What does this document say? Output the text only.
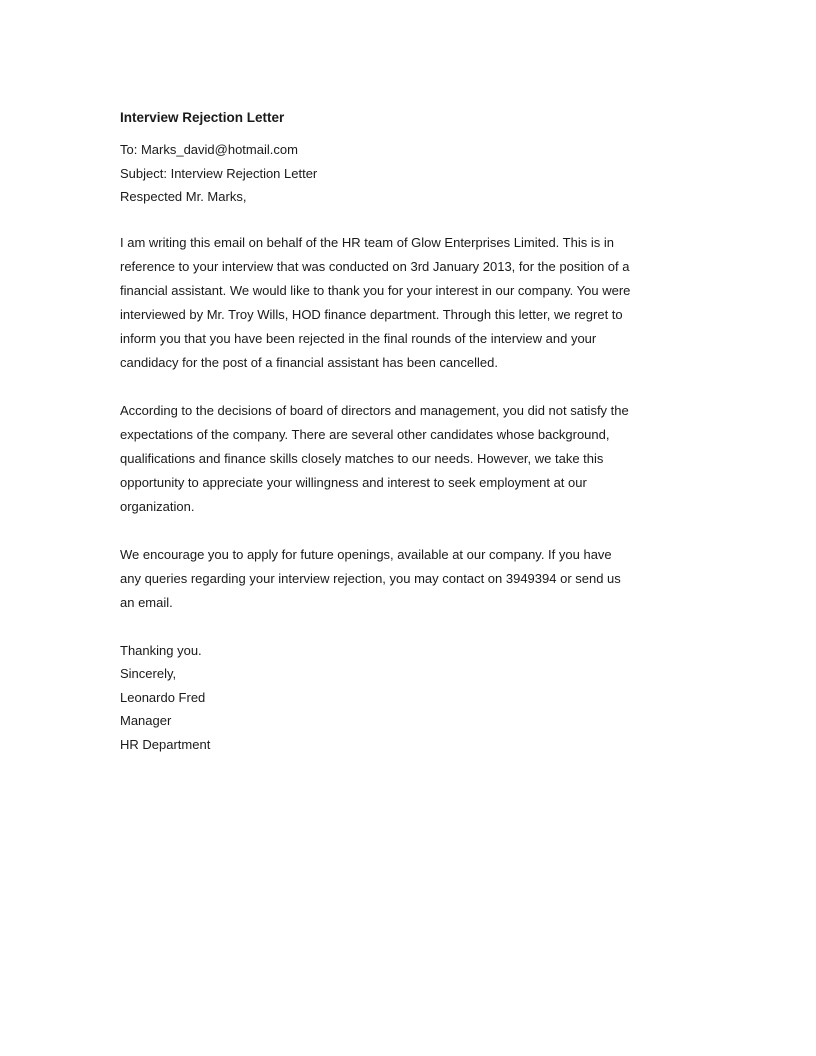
Interview Rejection Letter
To: Marks_david@hotmail.com
Subject: Interview Rejection Letter
Respected Mr. Marks,

I am writing this email on behalf of the HR team of Glow Enterprises Limited. This is in
reference to your interview that was conducted on 3rd January 2013, for the position of a
financial assistant. We would like to thank you for your interest in our company. You were
interviewed by Mr. Troy Wills, HOD finance department. Through this letter, we regret to
inform you that you have been rejected in the final rounds of the interview and your
candidacy for the post of a financial assistant has been cancelled.

According to the decisions of board of directors and management, you did not satisfy the
expectations of the company. There are several other candidates whose background,
qualifications and finance skills closely matches to our needs. However, we take this
opportunity to appreciate your willingness and interest to seek employment at our
organization.

We encourage you to apply for future openings, available at our company. If you have
any queries regarding your interview rejection, you may contact on 3949394 or send us
an email.

Thanking you.
Sincerely,
Leonardo Fred
Manager
HR Department
